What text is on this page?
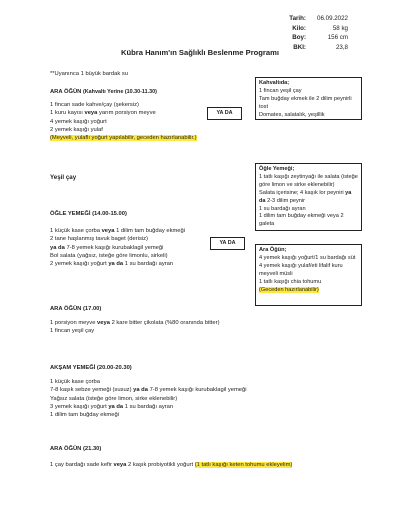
Tarih:	06.09.2022
Kilo:	58 kg
Boy:	156 cm
BKI:	23,8
Kübra Hanım'ın Sağlıklı Beslenme Programı
**Uyanınca 1 büyük bardak su
ARA ÖĞÜN (Kahvaltı Yerine (10.30-11.30)
1 fincan sade kahve/çay (şekersiz)
1 kuru kayısı veya yarım porsiyon meyve
4 yemek kaşığı yoğurt
2 yemek kaşığı yulaf
(Meyveli, yulaflı yoğurt yapılabilir, geceden hazırlanabilir.)
YA DA
Kahvaltıda;
1 fincan yeşil çay
Tam buğday ekmek ile 2 dilim peynirli tost
Domates, salatalık, yeşillik
Yeşil çay
Öğle Yemeği;
1 tatlı kaşığı zeytinyağı ile salata (isteğe göre limon ve sirke eklenebilir)
Salata içerisine; 4 kaşık lor peyniri ya da 2-3 dilim peynir
1 su bardağı ayran
1 dilim tam buğday ekmeği veya 2 galeta
ÖĞLE YEMEĞİ (14.00-15.00)
1 küçük kase çorba veya 1 dilim tam buğday ekmeği
2 tane haşlanmış tavuk baget (derisiz)
ya da 7-8 yemek kaşığı kurubaklagil yemeği
Bol salata (yağsız, isteğe göre limonlu, sirkeli)
2 yemek kaşığı yoğurt ya da 1 su bardağı ayran
YA DA
Ara Öğün;
4 yemek kaşığı yoğurt/1 su bardağı süt
4 yemek kaşığı yulaf/eti lifalif kuru meyveli müsli
1 tatlı kaşığı chia tohumu
(Geceden hazırlanabilir)
ARA ÖĞÜN (17.00)
1 porsiyon meyve veya 2 kare bitter çikolata (%80 oranında bitter)
1 fincan yeşil çay
AKŞAM YEMEĞİ (20.00-20.30)
1 küçük kase çorba
7-8 kaşık sebze yemeği (susuz) ya da 7-8 yemek kaşığı kurubaklagil yemeği
Yağsız salata (isteğe göre limon, sirke eklenebilir)
3 yemek kaşığı yoğurt ya da 1 su bardağı ayran
1 dilim tam buğday ekmeği
ARA ÖĞÜN (21.30)
1 çay bardağı sade kefir veya 2 kaşık probiyotikli yoğurt (1 tatlı kaşığı keten tohumu ekleyelim)
